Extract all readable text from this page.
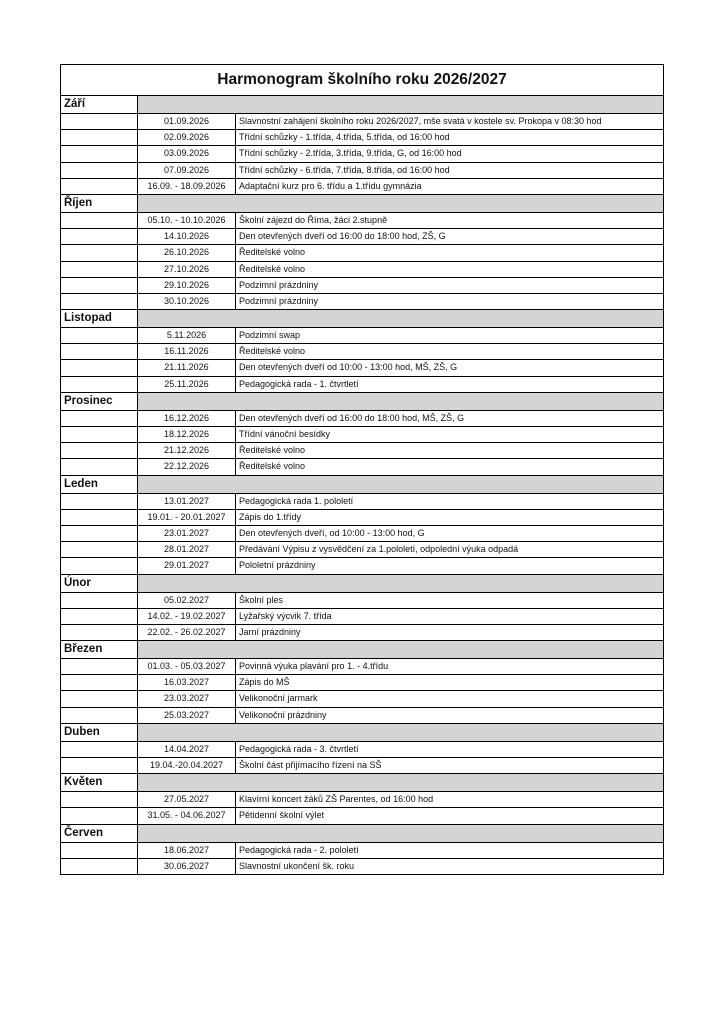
Harmonogram školního roku 2026/2027
Září
01.09.2026	Slavnostní zahájení školního roku 2026/2027, mše svatá v kostele sv. Prokopa v 08:30 hod
02.09.2026	Třídní schůzky - 1.třída, 4.třída, 5.třída, od 16:00 hod
03.09.2026	Třídní schůzky - 2.třída, 3.třída, 9.třída, G, od 16:00 hod
07.09.2026	Třídní schůzky - 6.třída, 7.třída, 8.třída, od 16:00 hod
16.09. - 18.09.2026	Adaptační kurz pro 6. třídu a 1.třídu gymnázia
Říjen
05.10. - 10.10.2026	Školní zájezd do Říma, žáci 2.stupně
14.10.2026	Den otevřených dveří od 16:00 do 18:00 hod, ZŠ, G
26.10.2026	Ředitelské volno
27.10.2026	Ředitelské volno
29.10.2026	Podzimní prázdniny
30.10.2026	Podzimní prázdniny
Listopad
5.11.2026	Podzimní swap
16.11.2026	Ředitelské volno
21.11.2026	Den otevřených dveří od 10:00 - 13:00 hod, MŠ, ZŠ, G
25.11.2026	Pedagogická rada - 1. čtvrtletí
Prosinec
16.12.2026	Den otevřených dveří od 16:00 do 18:00 hod, MŠ, ZŠ, G
18.12.2026	Třídní vánoční besídky
21.12.2026	Ředitelské volno
22.12.2026	Ředitelské volno
Leden
13.01.2027	Pedagogická rada 1. pololetí
19.01. - 20.01.2027	Zápis do 1.třídy
23.01.2027	Den otevřených dveří, od 10:00 - 13:00 hod, G
28.01.2027	Předávání Výpisu z vysvědčení za 1.pololetí, odpolední výuka odpadá
29.01.2027	Pololetní prázdniny
Únor
05.02.2027	Školní ples
14.02. - 19.02.2027	Lyžařský výcvik 7. třída
22.02. - 26.02.2027	Jarní prázdniny
Březen
01.03. - 05.03.2027	Povinná výuka plavání pro 1. - 4.třídu
16.03.2027	Zápis do MŠ
23.03.2027	Velikonoční jarmark
25.03.2027	Velikonoční prázdniny
Duben
14.04.2027	Pedagogická rada - 3. čtvrtletí
19.04.-20.04.2027	Školní část přijímacího řízení na SŠ
Květen
27.05.2027	Klavírní koncert žáků ZŠ Parentes, od 16:00 hod
31.05. - 04.06.2027	Pětidenní školní výlet
Červen
18.06.2027	Pedagogická rada - 2. pololetí
30.06.2027	Slavnostní ukončení šk. roku
